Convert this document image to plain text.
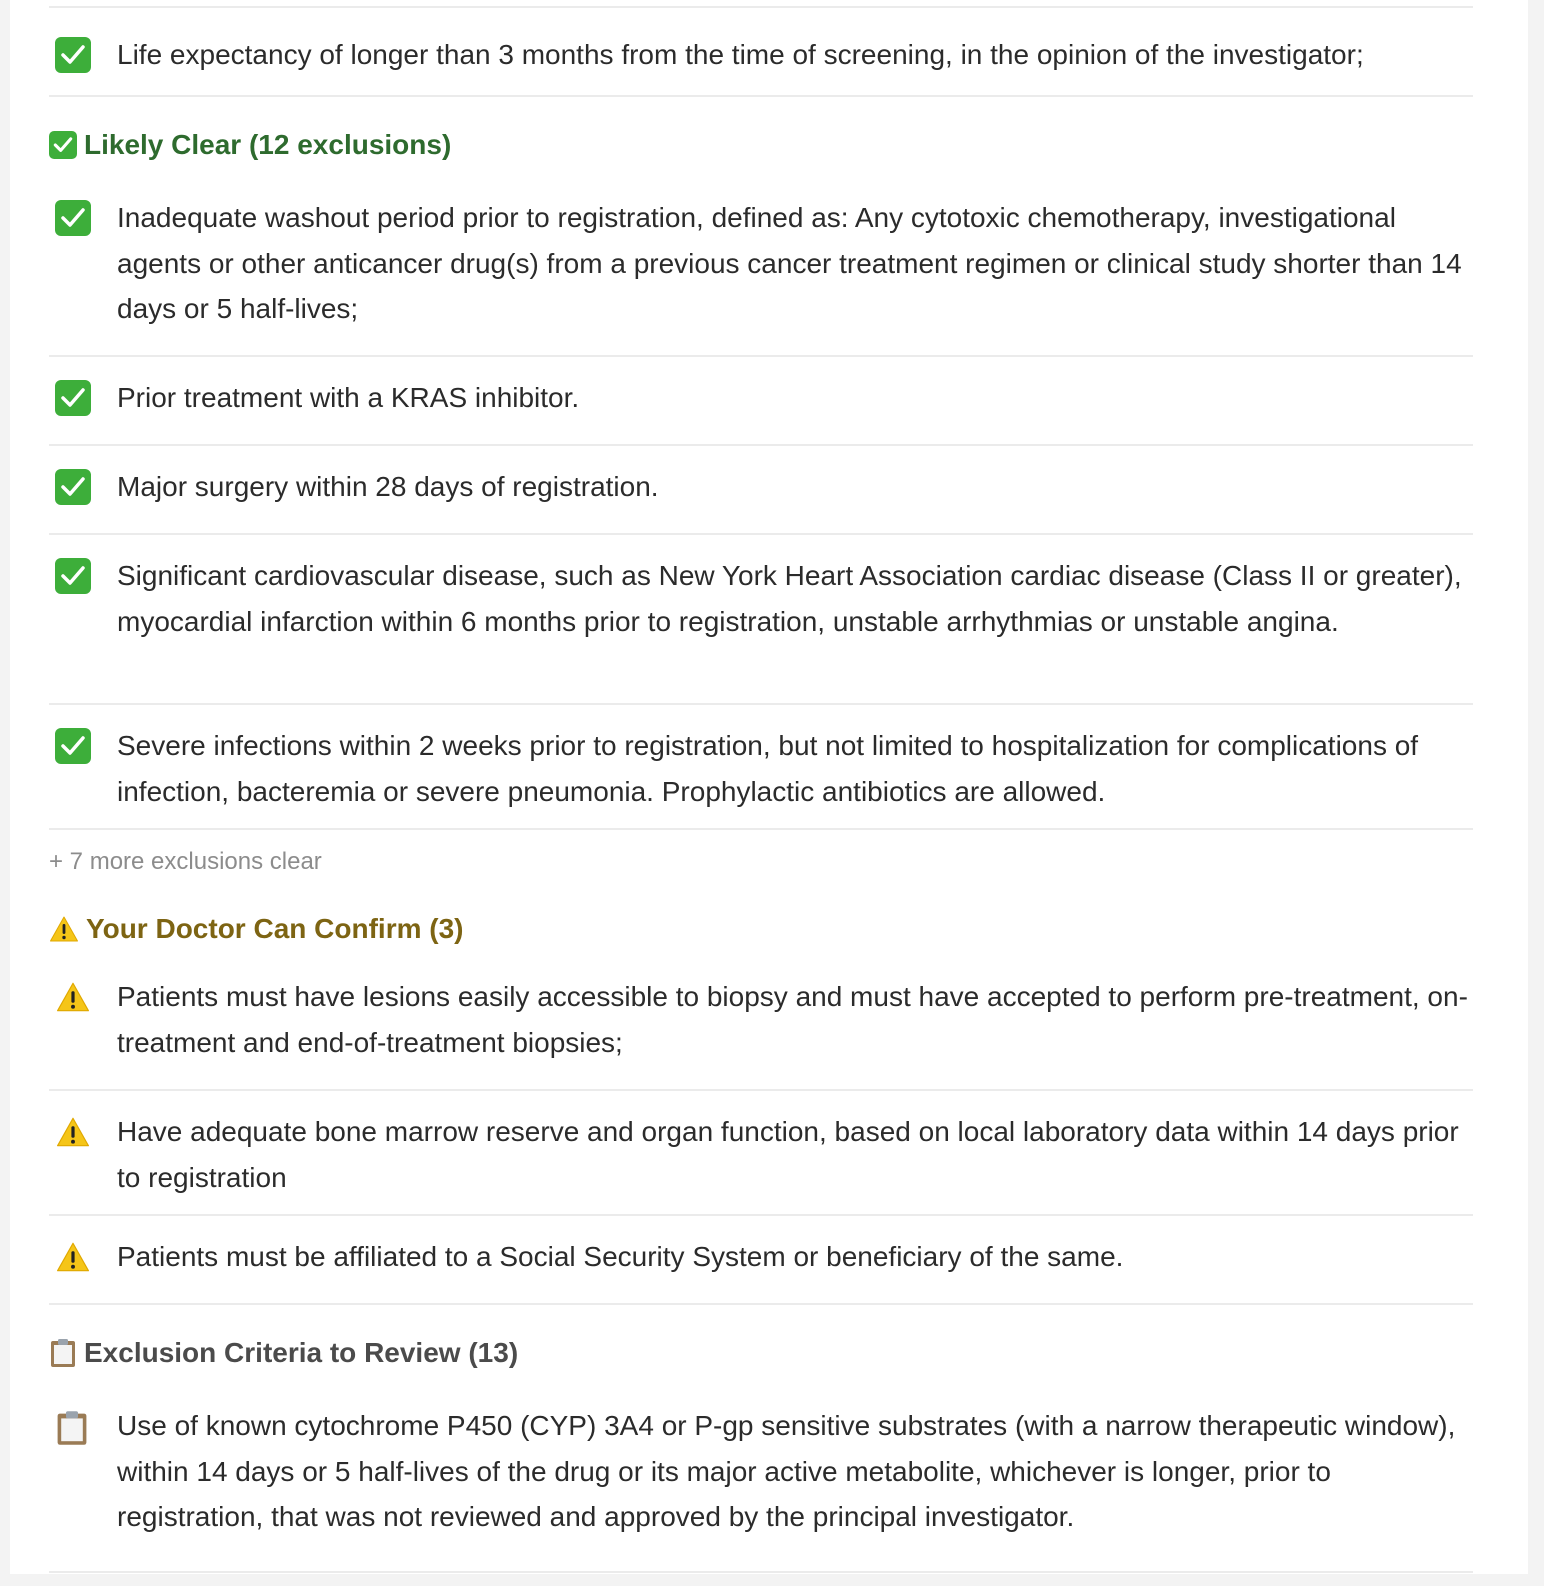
Life expectancy of longer than 3 months from the time of screening, in the opinion of the investigator;
Likely Clear (12 exclusions)
Inadequate washout period prior to registration, defined as: Any cytotoxic chemotherapy, investigational agents or other anticancer drug(s) from a previous cancer treatment regimen or clinical study shorter than 14 days or 5 half-lives;
Prior treatment with a KRAS inhibitor.
Major surgery within 28 days of registration.
Significant cardiovascular disease, such as New York Heart Association cardiac disease (Class II or greater), myocardial infarction within 6 months prior to registration, unstable arrhythmias or unstable angina.
Severe infections within 2 weeks prior to registration, but not limited to hospitalization for complications of infection, bacteremia or severe pneumonia. Prophylactic antibiotics are allowed.
+ 7 more exclusions clear
Your Doctor Can Confirm (3)
Patients must have lesions easily accessible to biopsy and must have accepted to perform pre-treatment, on-treatment and end-of-treatment biopsies;
Have adequate bone marrow reserve and organ function, based on local laboratory data within 14 days prior to registration
Patients must be affiliated to a Social Security System or beneficiary of the same.
Exclusion Criteria to Review (13)
Use of known cytochrome P450 (CYP) 3A4 or P-gp sensitive substrates (with a narrow therapeutic window), within 14 days or 5 half-lives of the drug or its major active metabolite, whichever is longer, prior to registration, that was not reviewed and approved by the principal investigator.
